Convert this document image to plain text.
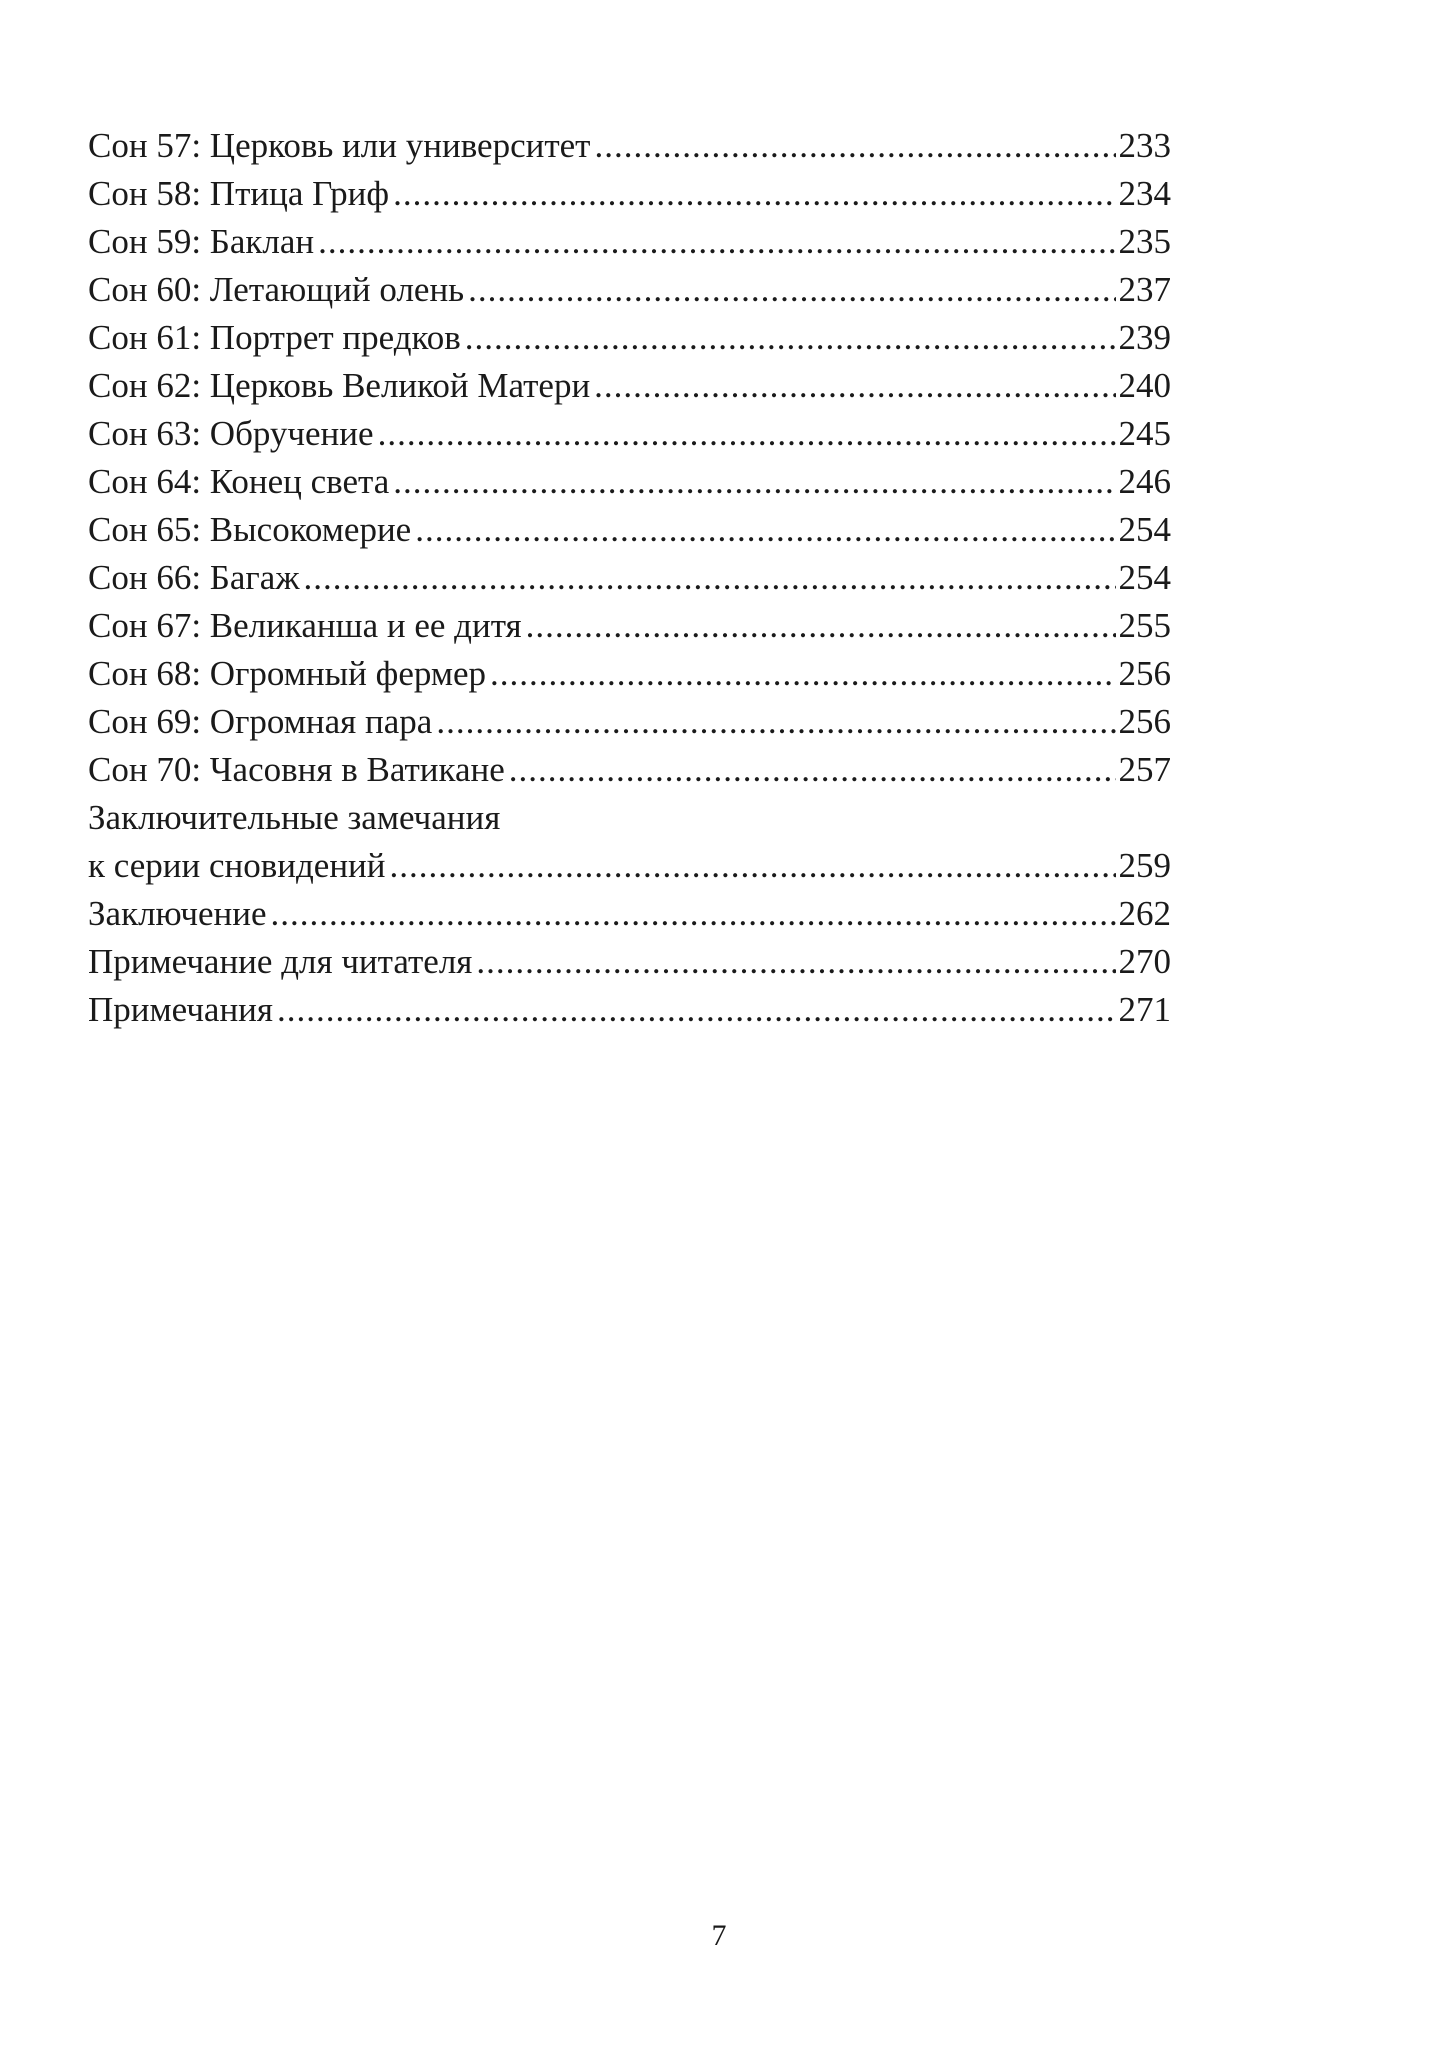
Сон 57: Церковь или университет .....	233
Сон 58: Птица Гриф .....	234
Сон 59: Баклан .....	235
Сон 60: Летающий олень .....	237
Сон 61: Портрет предков .....	239
Сон 62: Церковь Великой Матери .....	240
Сон 63: Обручение .....	245
Сон 64: Конец света .....	246
Сон 65: Высокомерие .....	254
Сон 66: Багаж .....	254
Сон 67: Великанша и ее дитя .....	255
Сон 68: Огромный фермер .....	256
Сон 69: Огромная пара .....	256
Сон 70: Часовня в Ватикане .....	257
Заключительные замечания
к серии сновидений .....	259
Заключение .....	262
Примечание для читателя .....	270
Примечания .....	271
7
